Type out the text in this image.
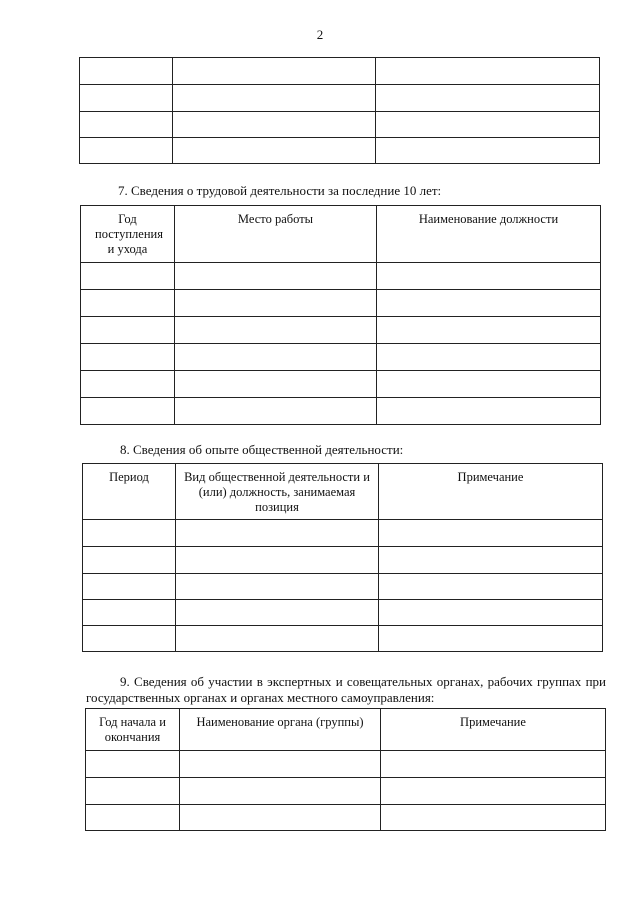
2

7. Сведения о трудовой деятельности за последние 10 лет:
Год поступления и ухода	Место работы	Наименование должности

8. Сведения об опыте общественной деятельности:
Период	Вид общественной деятельности и (или) должность, занимаемая позиция	Примечание

9. Сведения об участии в экспертных и совещательных органах, рабочих группах при государственных органах и органах местного самоуправления:
Год начала и окончания	Наименование органа (группы)	Примечание
